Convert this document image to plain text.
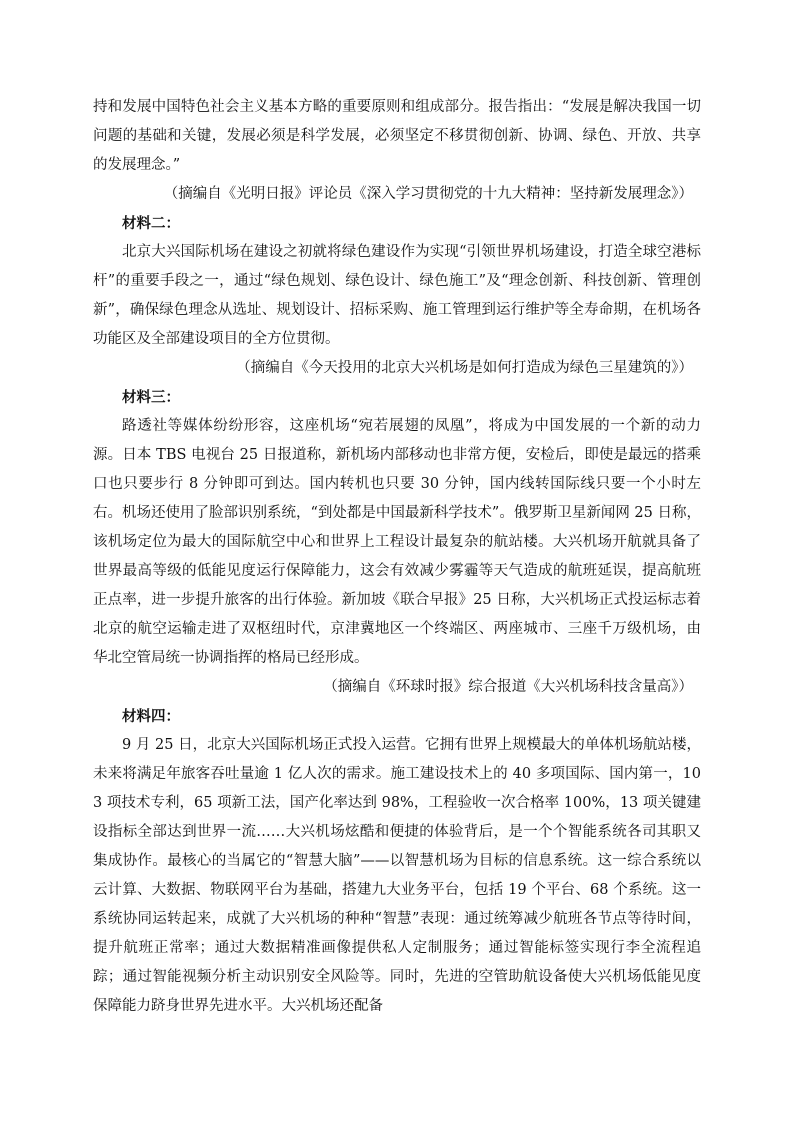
持和发展中国特色社会主义基本方略的重要原则和组成部分。报告指出：“发展是解决我国一切问题的基础和关键，发展必须是科学发展，必须坚定不移贯彻创新、协调、绿色、开放、共享的发展理念。”

（摘编自《光明日报》评论员《深入学习贯彻党的十九大精神：坚持新发展理念》）

材料二：

北京大兴国际机场在建设之初就将绿色建设作为实现“引领世界机场建设，打造全球空港标杆”的重要手段之一，通过“绿色规划、绿色设计、绿色施工”及“理念创新、科技创新、管理创新”，确保绿色理念从选址、规划设计、招标采购、施工管理到运行维护等全寿命期，在机场各功能区及全部建设项目的全方位贯彻。

（摘编自《今天投用的北京大兴机场是如何打造成为绿色三星建筑的》）

材料三：

路透社等媒体纷纷形容，这座机场“宛若展翅的凤凰”，将成为中国发展的一个新的动力源。日本 TBS 电视台 25 日报道称，新机场内部移动也非常方便，安检后，即使是最远的搭乘口也只要步行 8 分钟即可到达。国内转机也只要 30 分钟，国内线转国际线只要一个小时左右。机场还使用了脸部识别系统，“到处都是中国最新科学技术”。俄罗斯卫星新闻网 25 日称，该机场定位为最大的国际航空中心和世界上工程设计最复杂的航站楼。大兴机场开航就具备了世界最高等级的低能见度运行保障能力，这会有效减少雾霾等天气造成的航班延误，提高航班正点率，进一步提升旅客的出行体验。新加坡《联合早报》25 日称，大兴机场正式投运标志着北京的航空运输走进了双枢纽时代，京津冀地区一个终端区、两座城市、三座千万级机场，由华北空管局统一协调指挥的格局已经形成。

（摘编自《环球时报》综合报道《大兴机场科技含量高》）

材料四：

9 月 25 日，北京大兴国际机场正式投入运营。它拥有世界上规模最大的单体机场航站楼，未来将满足年旅客吞吐量逾 1 亿人次的需求。施工建设技术上的 40 多项国际、国内第一，103 项技术专利，65 项新工法，国产化率达到 98%，工程验收一次合格率 100%，13 项关键建设指标全部达到世界一流……大兴机场炫酷和便捷的体验背后，是一个个智能系统各司其职又集成协作。最核心的当属它的“智慧大脑”——以智慧机场为目标的信息系统。这一综合系统以云计算、大数据、物联网平台为基础，搭建九大业务平台，包括 19 个平台、68 个系统。这一系统协同运转起来，成就了大兴机场的种种“智慧”表现：通过统筹减少航班各节点等待时间，提升航班正常率；通过大数据精准画像提供私人定制服务；通过智能标签实现行李全流程追踪；通过智能视频分析主动识别安全风险等。同时，先进的空管助航设备使大兴机场低能见度保障能力跻身世界先进水平。大兴机场还配备
